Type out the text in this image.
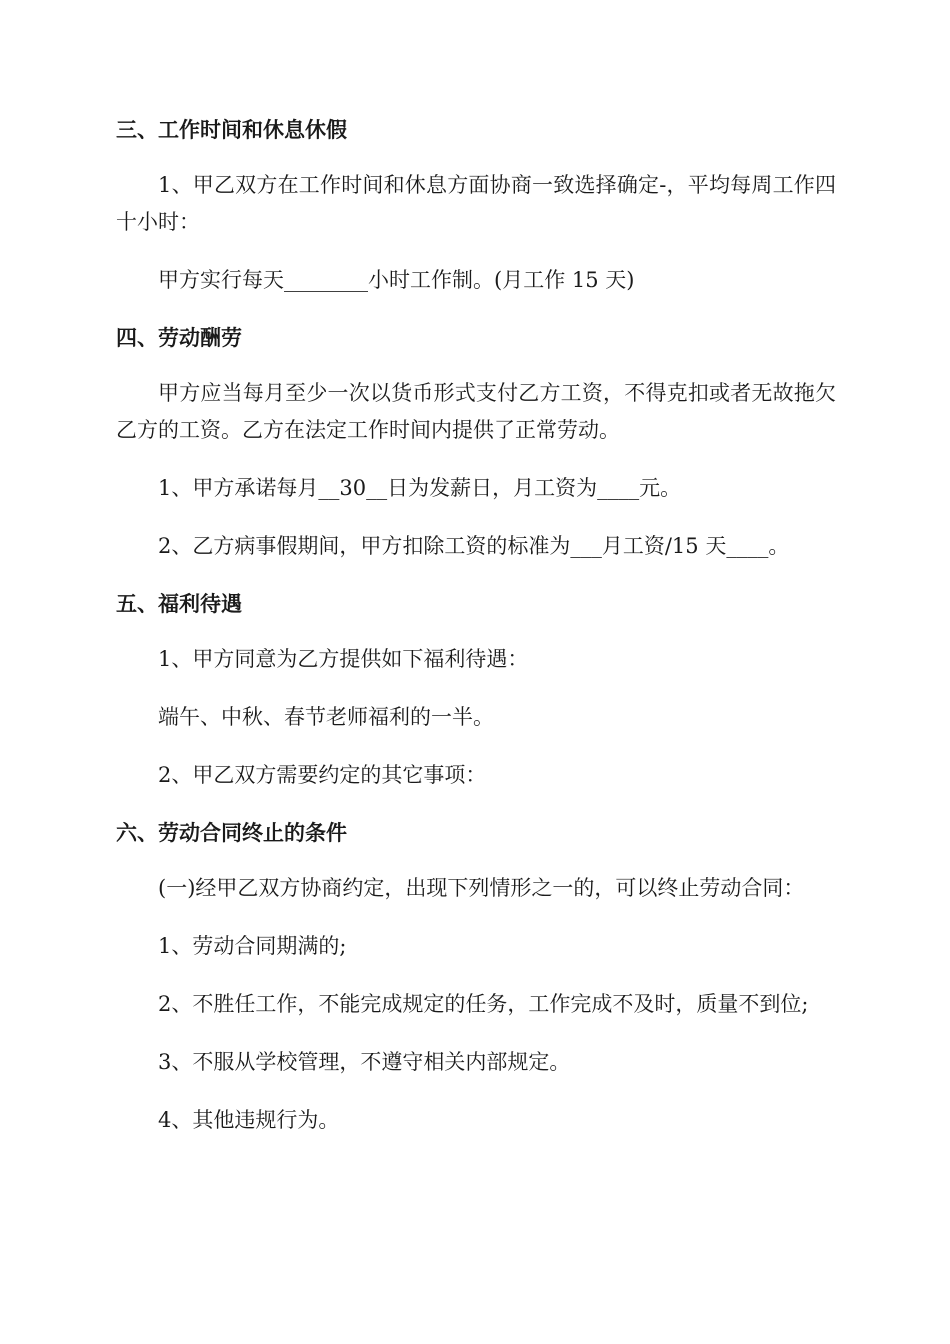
三、工作时间和休息休假

1、甲乙双方在工作时间和休息方面协商一致选择确定-，平均每周工作四十小时：

甲方实行每天________小时工作制。(月工作 15 天)

四、劳动酬劳

甲方应当每月至少一次以货币形式支付乙方工资，不得克扣或者无故拖欠乙方的工资。乙方在法定工作时间内提供了正常劳动。

1、甲方承诺每月__30__日为发薪日，月工资为____元。

2、乙方病事假期间，甲方扣除工资的标准为___月工资/15 天____。

五、福利待遇

1、甲方同意为乙方提供如下福利待遇：

端午、中秋、春节老师福利的一半。

2、甲乙双方需要约定的其它事项：

六、劳动合同终止的条件

(一)经甲乙双方协商约定，出现下列情形之一的，可以终止劳动合同：

1、劳动合同期满的;

2、不胜任工作，不能完成规定的任务，工作完成不及时，质量不到位;

3、不服从学校管理，不遵守相关内部规定。

4、其他违规行为。
